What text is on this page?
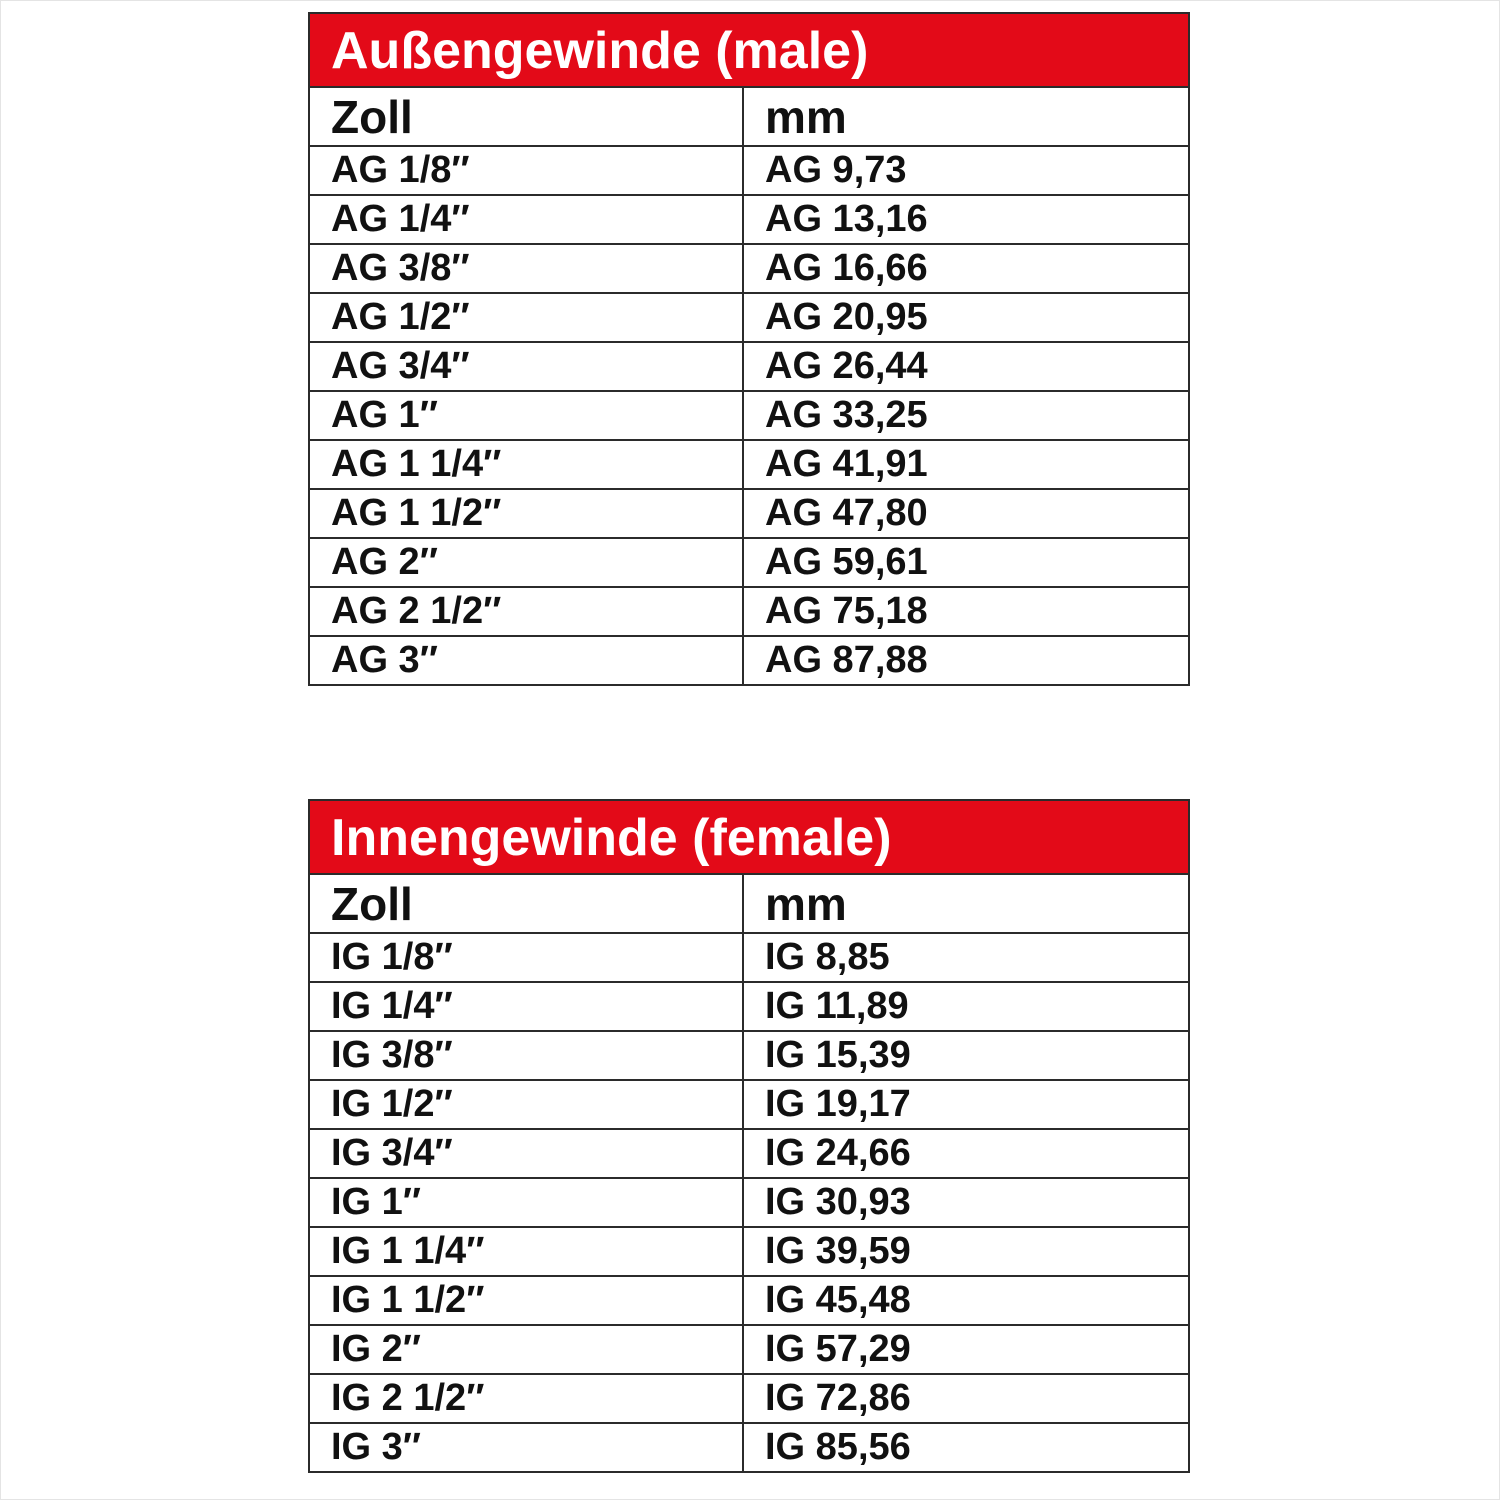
Außengewinde (male)	
Zoll	mm
AG 1/8″	AG 9,73
AG 1/4″	AG 13,16
AG 3/8″	AG 16,66
AG 1/2″	AG 20,95
AG 3/4″	AG 26,44
AG 1″	AG 33,25
AG 1 1/4″	AG 41,91
AG 1 1/2″	AG 47,80
AG 2″	AG 59,61
AG 2 1/2″	AG 75,18
AG 3″	AG 87,88
Innengewinde (female)	
Zoll	mm
IG 1/8″	IG 8,85
IG 1/4″	IG 11,89
IG 3/8″	IG 15,39
IG 1/2″	IG 19,17
IG 3/4″	IG 24,66
IG 1″	IG 30,93
IG 1 1/4″	IG 39,59
IG 1 1/2″	IG 45,48
IG 2″	IG 57,29
IG 2 1/2″	IG 72,86
IG 3″	IG 85,56
